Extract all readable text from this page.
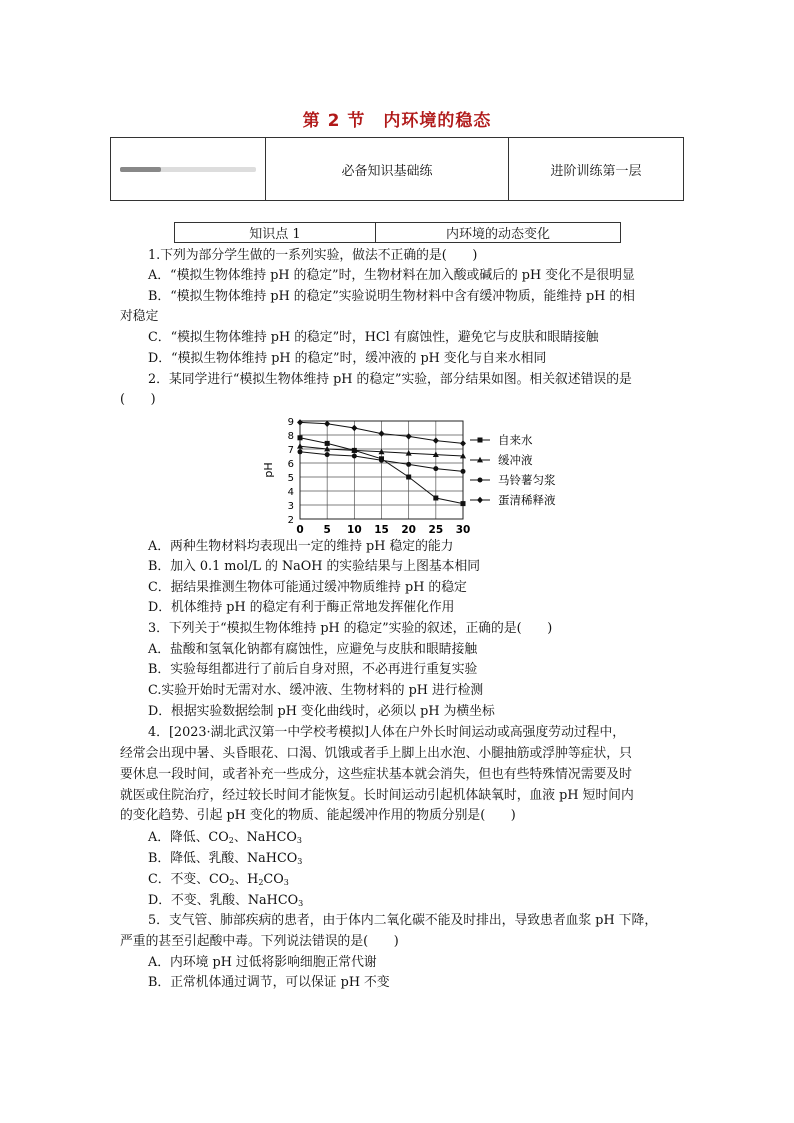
第 2 节 内环境的稳态
	必备知识基础练	进阶训练第一层
知识点 1	内环境的动态变化
1.下列为部分学生做的一系列实验，做法不正确的是(　　)
A．“模拟生物体维持 pH 的稳定”时，生物材料在加入酸或碱后的 pH 变化不是很明显
B．“模拟生物体维持 pH 的稳定”实验说明生物材料中含有缓冲物质，能维持 pH 的相
对稳定
C．“模拟生物体维持 pH 的稳定”时，HCl 有腐蚀性，避免它与皮肤和眼睛接触
D．“模拟生物体维持 pH 的稳定”时，缓冲液的 pH 变化与自来水相同
2．某同学进行“模拟生物体维持 pH 的稳定”实验，部分结果如图。相关叙述错误的是
(　　)
2
3
4
5
6
7
8
9
0 5 10 15 20 25 30
pH
自来水
缓冲液
马铃薯匀浆
蛋清稀释液
A．两种生物材料均表现出一定的维持 pH 稳定的能力
B．加入 0.1 mol/L 的 NaOH 的实验结果与上图基本相同
C．据结果推测生物体可能通过缓冲物质维持 pH 的稳定
D．机体维持 pH 的稳定有利于酶正常地发挥催化作用
3．下列关于“模拟生物体维持 pH 的稳定”实验的叙述，正确的是(　　)
A．盐酸和氢氧化钠都有腐蚀性，应避免与皮肤和眼睛接触
B．实验每组都进行了前后自身对照，不必再进行重复实验
C.实验开始时无需对水、缓冲液、生物材料的 pH 进行检测
D．根据实验数据绘制 pH 变化曲线时，必须以 pH 为横坐标
4．[2023·湖北武汉第一中学校考模拟]人体在户外长时间运动或高强度劳动过程中，
经常会出现中暑、头昏眼花、口渴、饥饿或者手上脚上出水泡、小腿抽筋或浮肿等症状，只
要休息一段时间，或者补充一些成分，这些症状基本就会消失，但也有些特殊情况需要及时
就医或住院治疗，经过较长时间才能恢复。长时间运动引起机体缺氧时，血液 pH 短时间内
的变化趋势、引起 pH 变化的物质、能起缓冲作用的物质分别是(　　)
A．降低、$CO_2$、NaHCO$_3$
B．降低、乳酸、NaHCO$_3$
C．不变、$CO_2$、$H_2CO_3$
D．不变、乳酸、NaHCO$_3$
5．支气管、肺部疾病的患者，由于体内二氧化碳不能及时排出，导致患者血浆 pH 下降，
严重的甚至引起酸中毒。下列说法错误的是(　　)
A．内环境 pH 过低将影响细胞正常代谢
B．正常机体通过调节，可以保证 pH 不变
